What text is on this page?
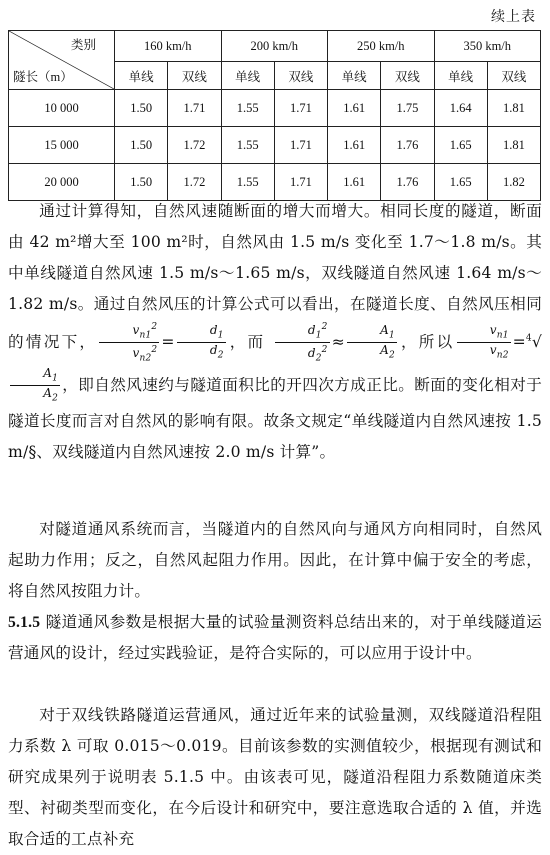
续上表
类别
隧长（m）	160 km/h		200 km/h		250 km/h		350 km/h	
	单线	双线	单线	双线	单线	双线	单线	双线
10 000	1.50	1.71	1.55	1.71	1.61	1.75	1.64	1.81
15 000	1.50	1.72	1.55	1.71	1.61	1.76	1.65	1.81
20 000	1.50	1.72	1.55	1.71	1.61	1.76	1.65	1.82
通过计算得知，自然风速随断面的增大而增大。相同长度的隧道，断面由 42 m²增大至 100 m²时，自然风由 1.5 m/s 变化至 1.7～1.8 m/s。其中单线隧道自然风速 1.5 m/s～1.65 m/s，双线隧道自然风速 1.64 m/s～1.82 m/s。通过自然风压的计算公式可以看出，在隧道长度、自然风压相同的情况下， $\frac{v_{n1}^2}{v_{n2}^2} = \frac{d_1}{d_2}$ ，而 $\frac{d_1^2}{d_2^2} \approx \frac{A_1}{A_2}$ ，所以 $\frac{v_{n1}}{v_{n2}} =^4√$
$\frac{A_1}{A_2}$ ，即自然风速约与隧道面积比的开四次方成正比。断面的变化相对于隧道长度而言对自然风的影响有限。故条文规定“单线隧道内自然风速按 1.5 m/§、双线隧道内自然风速按 2.0 m/s 计算”。
对隧道通风系统而言，当隧道内的自然风向与通风方向相同时，自然风起助力作用；反之，自然风起阻力作用。因此，在计算中偏于安全的考虑，将自然风按阻力计。
5.1.5 隧道通风参数是根据大量的试验量测资料总结出来的，对于单线隧道运营通风的设计，经过实践验证，是符合实际的，可以应用于设计中。
对于双线铁路隧道运营通风，通过近年来的试验量测，双线隧道沿程阻力系数 λ 可取 0.015～0.019。目前该参数的实测值较少，根据现有测试和研究成果列于说明表 5.1.5 中。由该表可见，隧道沿程阻力系数随道床类型、衬砌类型而变化，在今后设计和研究中，要注意选取合适的 λ 值，并选取合适的工点补充
